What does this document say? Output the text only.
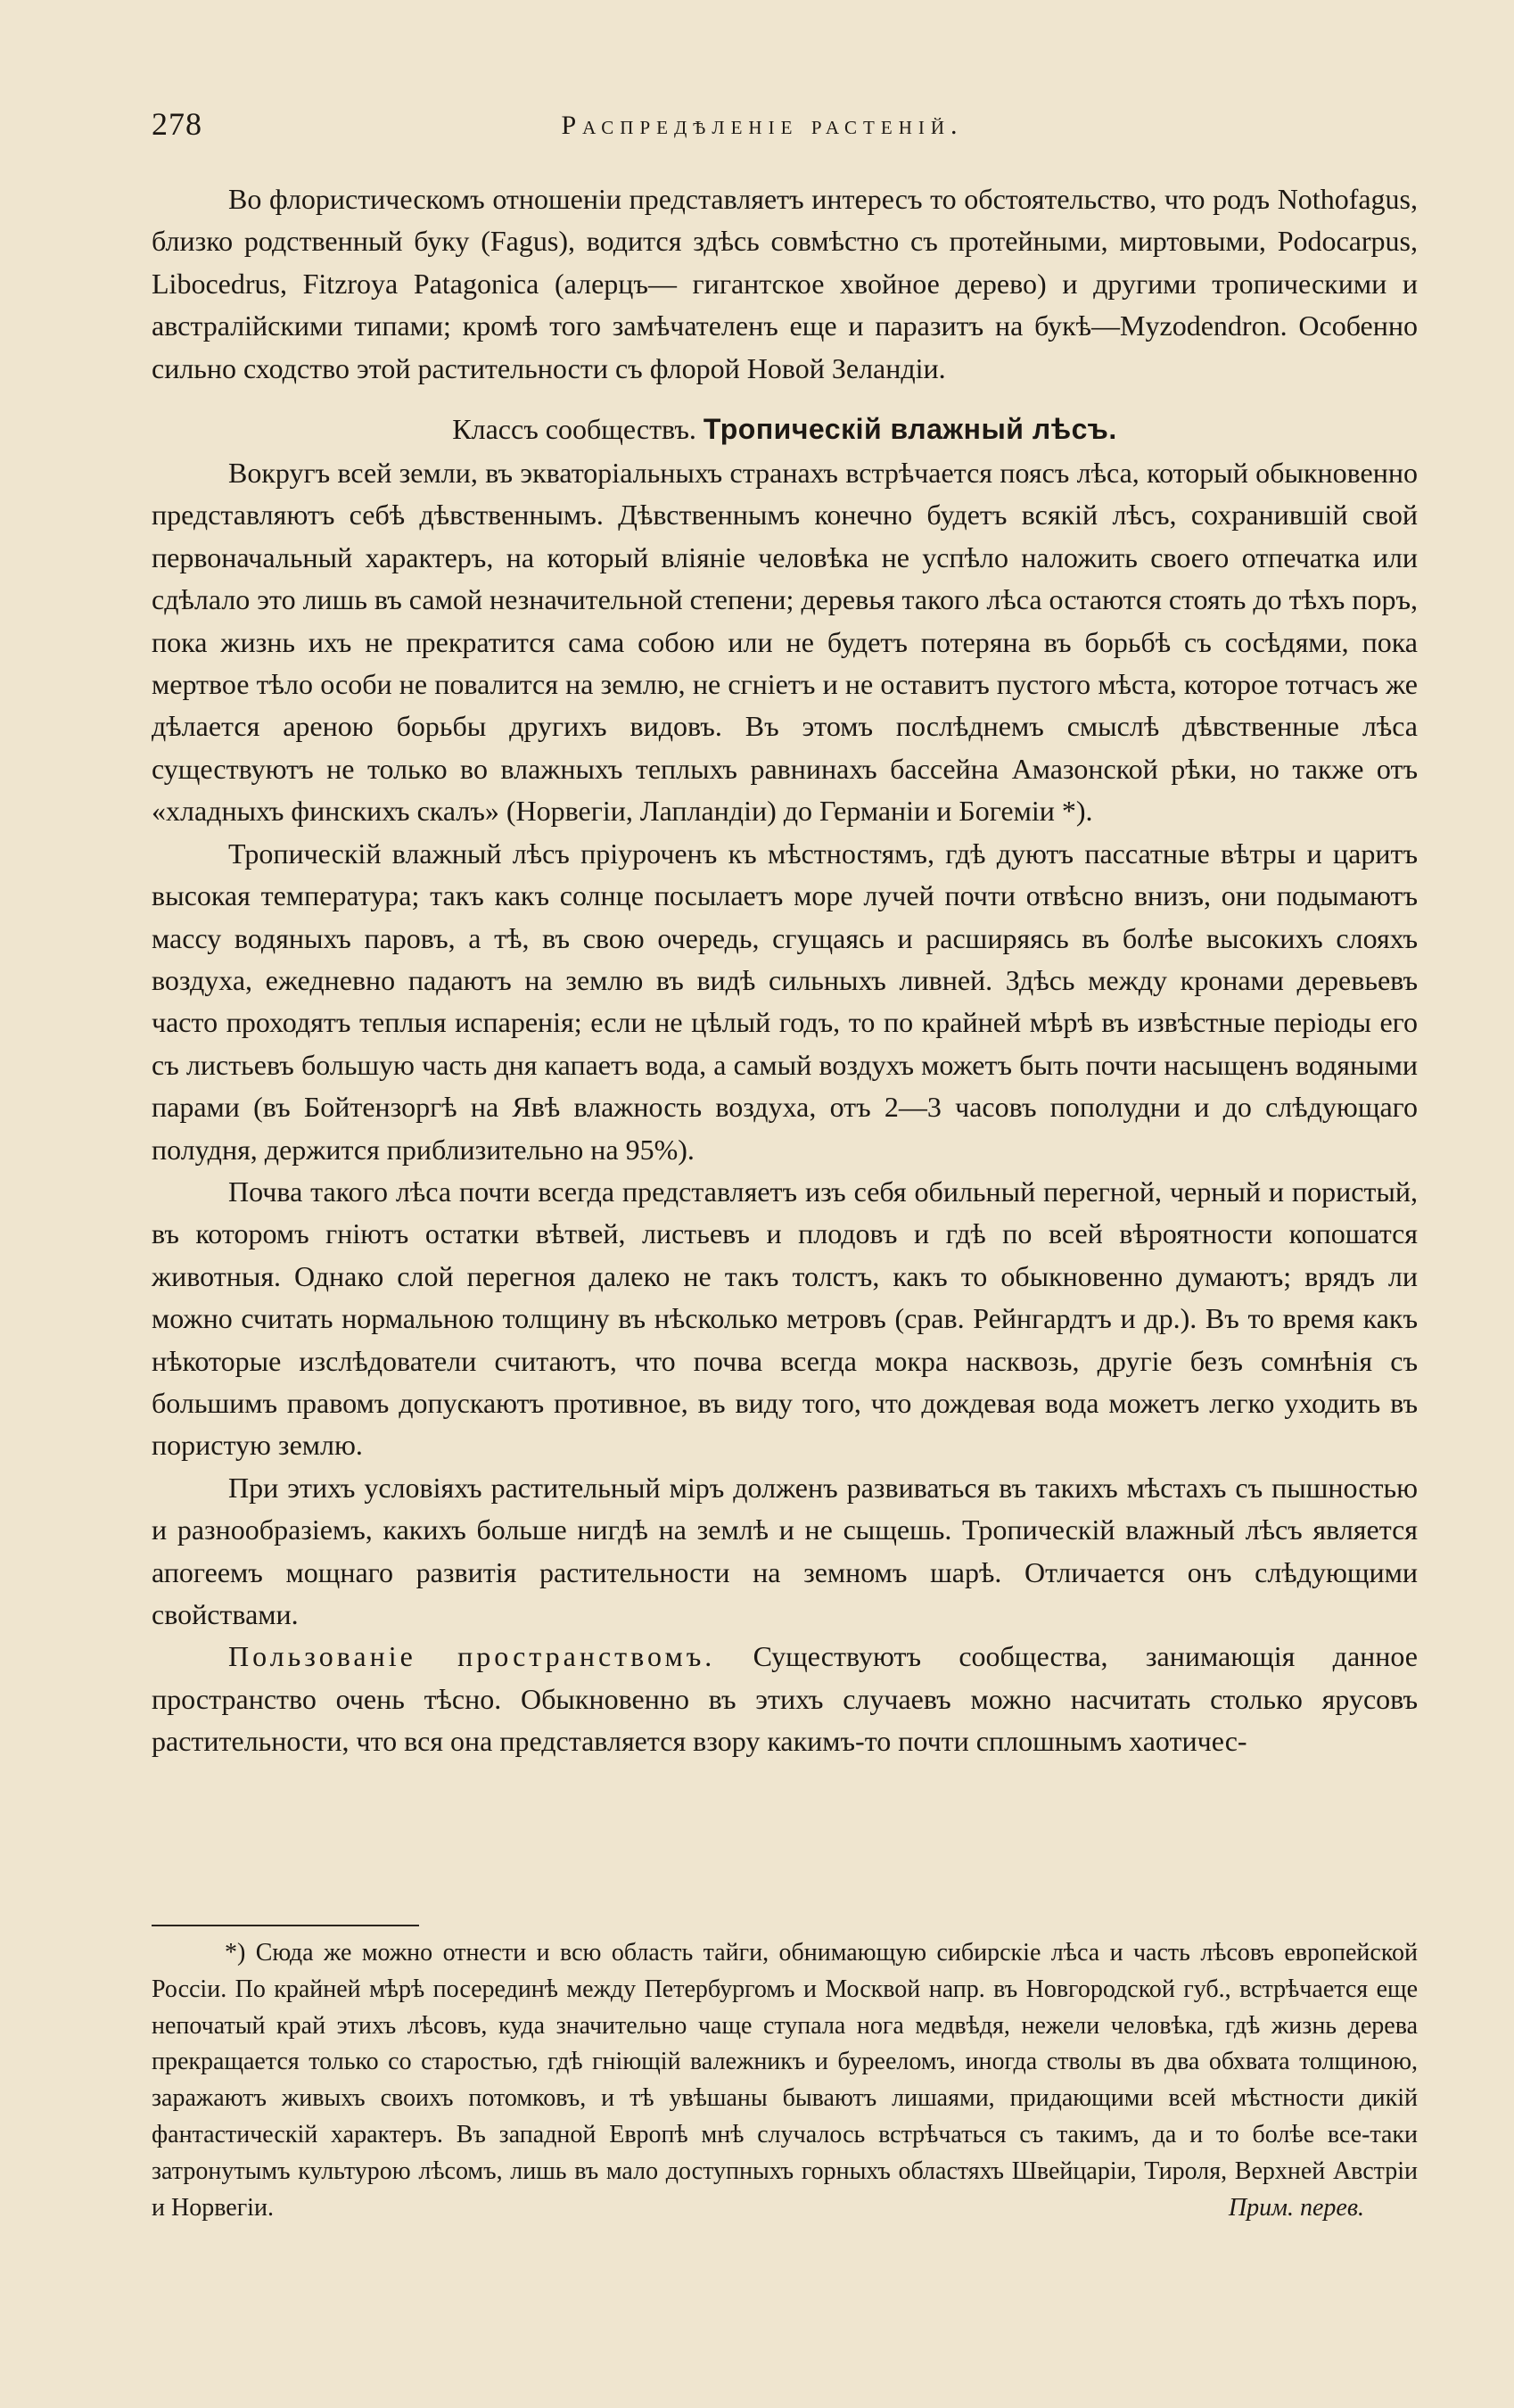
278	Распредѣленіе растеній.

Во флористическомъ отношеніи представляетъ интересъ то обстоятельство, что родъ Nothofagus, близко родственный буку (Fagus), водится здѣсь совмѣстно съ протейными, миртовыми, Podocarpus, Libocedrus, Fitzroya Patagonica (алерцъ— гигантское хвойное дерево) и другими тропическими и австралійскими типами; кромѣ того замѣчателенъ еще и паразитъ на букѣ—Myzodendron. Особенно сильно сходство этой растительности съ флорой Новой Зеландіи.

Классъ сообществъ. Тропическій влажный лѣсъ.

Вокругъ всей земли, въ экваторіальныхъ странахъ встрѣчается поясъ лѣса, который обыкновенно представляютъ себѣ дѣвственнымъ. Дѣвственнымъ конечно будетъ всякій лѣсъ, сохранившій свой первоначальный характеръ, на который вліяніе человѣка не успѣло наложить своего отпечатка или сдѣлало это лишь въ самой незначительной степени; деревья такого лѣса остаются стоять до тѣхъ поръ, пока жизнь ихъ не прекратится сама собою или не будетъ потеряна въ борьбѣ съ сосѣдями, пока мертвое тѣло особи не повалится на землю, не сгніетъ и не оставитъ пустого мѣста, которое тотчасъ же дѣлается ареною борьбы другихъ видовъ. Въ этомъ послѣднемъ смыслѣ дѣвственные лѣса существуютъ не только во влажныхъ теплыхъ равнинахъ бассейна Амазонской рѣки, но также отъ «хладныхъ финскихъ скалъ» (Норвегіи, Лапландіи) до Германіи и Богеміи *).

Тропическій влажный лѣсъ пріуроченъ къ мѣстностямъ, гдѣ дуютъ пассатные вѣтры и царитъ высокая температура; такъ какъ солнце посылаетъ море лучей почти отвѣсно внизъ, они подымаютъ массу водяныхъ паровъ, а тѣ, въ свою очередь, сгущаясь и расширяясь въ болѣе высокихъ слояхъ воздуха, ежедневно падаютъ на землю въ видѣ сильныхъ ливней. Здѣсь между кронами деревьевъ часто проходятъ теплыя испаренія; если не цѣлый годъ, то по крайней мѣрѣ въ извѣстные періоды его съ листьевъ большую часть дня капаетъ вода, а самый воздухъ можетъ быть почти насыщенъ водяными парами (въ Бойтензоргѣ на Явѣ влажность воздуха, отъ 2—3 часовъ пополудни и до слѣдующаго полудня, держится приблизительно на 95%).

Почва такого лѣса почти всегда представляетъ изъ себя обильный перегной, черный и пористый, въ которомъ гніютъ остатки вѣтвей, листьевъ и плодовъ и гдѣ по всей вѣроятности копошатся животныя. Однако слой перегноя далеко не такъ толстъ, какъ то обыкновенно думаютъ; врядъ ли можно считать нормальною толщину въ нѣсколько метровъ (срав. Рейнгардтъ и др.). Въ то время какъ нѣкоторые изслѣдователи считаютъ, что почва всегда мокра насквозь, другіе безъ сомнѣнія съ большимъ правомъ допускаютъ противное, въ виду того, что дождевая вода можетъ легко уходить въ пористую землю.

При этихъ условіяхъ растительный міръ долженъ развиваться въ такихъ мѣстахъ съ пышностью и разнообразіемъ, какихъ больше нигдѣ на землѣ и не сыщешь. Тропическій влажный лѣсъ является апогеемъ мощнаго развитія растительности на земномъ шарѣ. Отличается онъ слѣдующими свойствами.

Пользованіе пространствомъ. Существуютъ сообщества, занимающія данное пространство очень тѣсно. Обыкновенно въ этихъ случаевъ можно насчитать столько ярусовъ растительности, что вся она представляется взору какимъ-то почти сплошнымъ хаотичес-

*) Сюда же можно отнести и всю область тайги, обнимающую сибирскіе лѣса и часть лѣсовъ европейской Россіи. По крайней мѣрѣ посерединѣ между Петербургомъ и Москвой напр. въ Новгородской губ., встрѣчается еще непочатый край этихъ лѣсовъ, куда значительно чаще ступала нога медвѣдя, нежели человѣка, гдѣ жизнь дерева прекращается только со старостью, гдѣ гніющій валежникъ и бурееломъ, иногда стволы въ два обхвата толщиною, заражаютъ живыхъ своихъ потомковъ, и тѣ увѣшаны бываютъ лишаями, придающими всей мѣстности дикій фантастическій характеръ. Въ западной Европѣ мнѣ случалось встрѣчаться съ такимъ, да и то болѣе все-таки затронутымъ культурою лѣсомъ, лишь въ мало доступныхъ горныхъ областяхъ Швейцаріи, Тироля, Верхней Австріи и Норвегіи.	Прим. перев.
